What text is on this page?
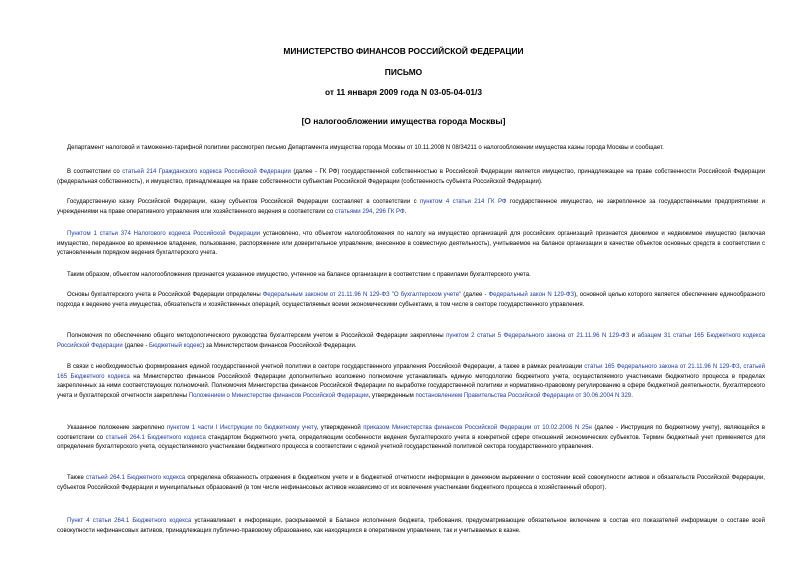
МИНИСТЕРСТВО ФИНАНСОВ РОССИЙСКОЙ ФЕДЕРАЦИИ
ПИСЬМО
от 11 января 2009 года N 03-05-04-01/3
[О налогообложении имущества города Москвы]

Департамент налоговой и таможенно-тарифной политики рассмотрел письмо Департамента имущества города Москвы от 10.11.2008 N 08/34211 о налогообложении имущества казны города Москвы и сообщает.

В соответствии со статьей 214 Гражданского кодекса Российской Федерации (далее - ГК РФ) государственной собственностью в Российской Федерации является имущество, принадлежащее на праве собственности Российской Федерации (федеральная собственность), и имущество, принадлежащее на праве собственности субъектам Российской Федерации (собственность субъекта Российской Федерации).

Государственную казну Российской Федерации, казну субъектов Российской Федерации составляет в соответствии с пунктом 4 статьи 214 ГК РФ государственное имущество, не закрепленное за государственными предприятиями и учреждениями на праве оперативного управления или хозяйственного ведения в соответствии со статьями 294, 296 ГК РФ.

Пунктом 1 статьи 374 Налогового кодекса Российской Федерации установлено, что объектом налогообложения по налогу на имущество организаций для российских организаций признается движимое и недвижимое имущество (включая имущество, переданное во временное владение, пользование, распоряжение или доверительное управление, внесенное в совместную деятельность), учитываемое на балансе организации в качестве объектов основных средств в соответствии с установленным порядком ведения бухгалтерского учета.

Таким образом, объектом налогообложения признается указанное имущество, учтенное на балансе организации в соответствии с правилами бухгалтерского учета.

Основы бухгалтерского учета в Российской Федерации определены Федеральным законом от 21.11.96 N 129-ФЗ "О бухгалтерском учете" (далее - Федеральный закон N 129-ФЗ), основной целью которого является обеспечение единообразного подхода к ведению учета имущества, обязательств и хозяйственных операций, осуществляемых всеми экономическими субъектами, в том числе в секторе государственного управления.

Полномочия по обеспечению общего методологического руководства бухгалтерским учетом в Российской Федерации закреплены пунктом 2 статьи 5 Федерального закона от 21.11.96 N 129-ФЗ и абзацем 31 статьи 165 Бюджетного кодекса Российской Федерации (далее - Бюджетный кодекс) за Министерством финансов Российской Федерации.

В связи с необходимостью формирования единой государственной учетной политики в секторе государственного управления Российской Федерации, а также в рамках реализации статьи 165 Федерального закона от 21.11.96 N 129-ФЗ, статьей 165 Бюджетного кодекса на Министерство финансов Российской Федерации дополнительно возложено полномочие устанавливать единую методологию бюджетного учета, осуществляемого участниками бюджетного процесса в пределах закрепленных за ними соответствующих полномочий. Полномочия Министерства финансов Российской Федерации по выработке государственной политики и нормативно-правовому регулированию в сфере бюджетной деятельности, бухгалтерского учета и бухгалтерской отчетности закреплены Положением о Министерстве финансов Российской Федерации, утвержденным постановлением Правительства Российской Федерации от 30.06.2004 N 329.

Указанное положение закреплено пунктом 1 части I Инструкции по бюджетному учету, утвержденной приказом Министерства финансов Российской Федерации от 10.02.2006 N 25н (далее - Инструкция по бюджетному учету), являющейся в соответствии со статьей 264.1 Бюджетного кодекса стандартом бюджетного учета, определяющим особенности ведения бухгалтерского учета в конкретной сфере отношений экономических субъектов. Термин бюджетный учет применяется для определения бухгалтерского учета, осуществляемого участниками бюджетного процесса в соответствии с единой учетной государственной политикой сектора государственного управления.

Также статьей 264.1 Бюджетного кодекса определена обязанность отражения в бюджетном учете и в бюджетной отчетности информации в денежном выражении о состоянии всей совокупности активов и обязательств Российской Федерации, субъектов Российской Федерации и муниципальных образований (в том числе нефинансовых активов независимо от их вовлечения участниками бюджетного процесса в хозяйственный оборот).

Пункт 4 статьи 264.1 Бюджетного кодекса устанавливает к информации, раскрываемой в Балансе исполнения бюджета, требования, предусматривающие обязательное включение в состав его показателей информации о составе всей совокупности нефинансовых активов, принадлежащих публично-правовому образованию, как находящихся в оперативном управлении, так и учитываемых в казне.
